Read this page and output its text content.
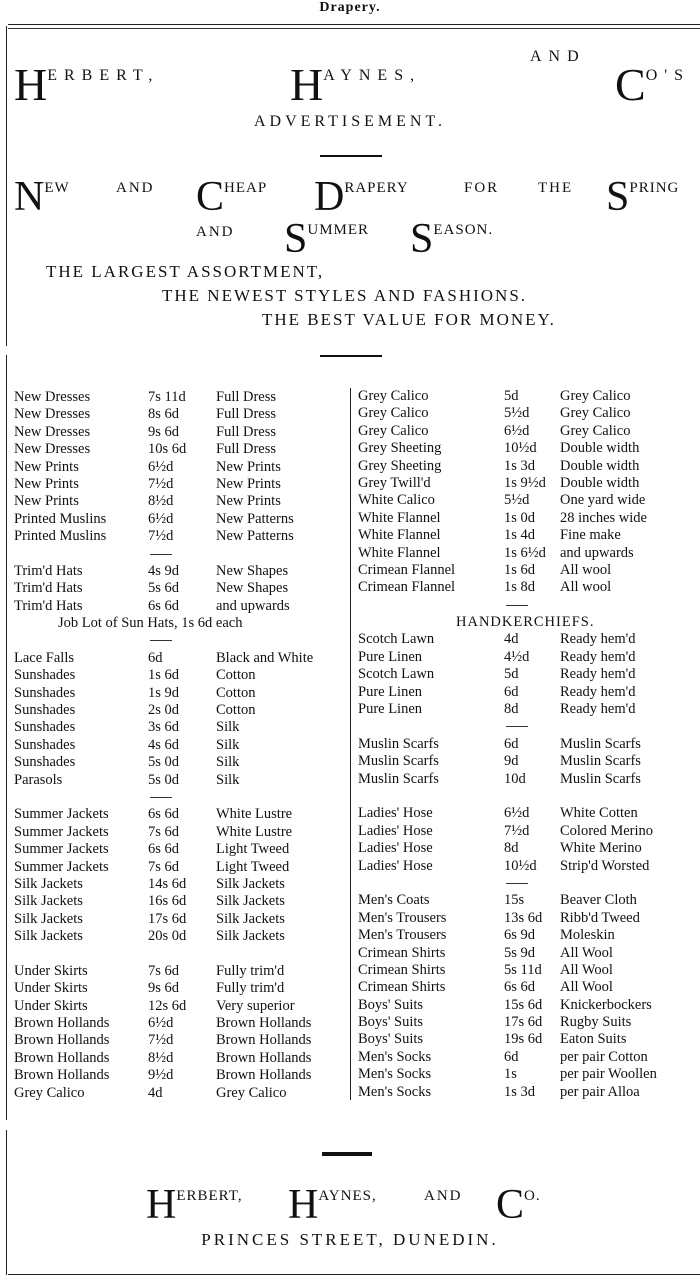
Drapery.
HERBERT,	HAYNES,
AND
CO'S
ADVERTISEMENT.
NEW	AND CHEAP DRAPERY	FOR	THE SPRING
AND SUMMER SEASON.
THE LARGEST ASSORTMENT,
THE NEWEST STYLES AND FASHIONS.
THE BEST VALUE FOR MONEY.
New Dresses	7s 11d Full Dress
New Dresses	8s 6d	Full Dress
New Dresses	9s 6d	Full Dress
New Dresses	10s 6d Full Dress
New Prints	6½d	New Prints
New Prints	7½d	New Prints
New Prints	8½d	New Prints
Printed Muslins	6½d	New Patterns
Printed Muslins	7½d	New Patterns
Trim'd Hats	4s 9d	New Shapes
Trim'd Hats	5s 6d	New Shapes
Trim'd Hats	6s 6d	and upwards
Job Lot of Sun Hats, 1s 6d each
Lace Falls	6d	Black and White
Sunshades	1s 6d	Cotton
Sunshades	1s 9d	Cotton
Sunshades	2s 0d	Cotton
Sunshades	3s 6d	Silk
Sunshades	4s 6d	Silk
Sunshades	5s 0d	Silk
Parasols	5s 0d	Silk
Summer Jackets	6s 6d	White Lustre
Summer Jackets	7s 6d	White Lustre
Summer Jackets	6s 6d	Light Tweed
Summer Jackets	7s 6d	Light Tweed
Silk Jackets	14s 6d Silk Jackets
Silk Jackets	16s 6d Silk Jackets
Silk Jackets	17s 6d Silk Jackets
Silk Jackets	20s 0d Silk Jackets
Under Skirts	7s 6d	Fully trim'd
Under Skirts	9s 6d	Fully trim'd
Under Skirts	12s 6d Very superior
Brown Hollands	6½d	Brown Hollands
Brown Hollands	7½d	Brown Hollands
Brown Hollands	8½d	Brown Hollands
Brown Hollands	9½d	Brown Hollands
Grey Calico	4d	Grey Calico
Grey Calico	5d	Grey Calico
Grey Calico	5½d Grey Calico
Grey Calico	6½d Grey Calico
Grey Sheeting	10½d Double width
Grey Sheeting	1s 3d Double width
Grey Twill'd	1s 9½d Double width
White Calico	5½d One yard wide
White Flannel	1s 0d 28 inches wide
White Flannel	1s 4d Fine make
White Flannel	1s 6½d and upwards
Crimean Flannel	1s 6d All wool
Crimean Flannel	1s 8d All wool
HANDKERCHIEFS.
Scotch Lawn	4d	Ready hem'd
Pure Linen	4½d Ready hem'd
Scotch Lawn	5d	Ready hem'd
Pure Linen	6d	Ready hem'd
Pure Linen	8d	Ready hem'd
Muslin Scarfs	6d	Muslin Scarfs
Muslin Scarfs	9d	Muslin Scarfs
Muslin Scarfs	10d Muslin Scarfs
Ladies' Hose	6½d White Cotten
Ladies' Hose	7½d Colored Merino
Ladies' Hose	8d	White Merino
Ladies' Hose	10½d Strip'd Worsted
Men's Coats	15s Beaver Cloth
Men's Trousers	13s 6d Ribb'd Tweed
Men's Trousers	6s 9d Moleskin
Crimean Shirts	5s 9d All Wool
Crimean Shirts	5s 11d All Wool
Crimean Shirts	6s 6d All Wool
Boys' Suits	15s 6d Knickerbockers
Boys' Suits	17s 6d Rugby Suits
Boys' Suits	19s 6d Eaton Suits
Men's Socks	6d	per pair Cotton
Men's Socks	1s	per pair Woollen
Men's Socks	1s 3d per pair Alloa
HERBERT, HAYNES,	AND CO.
PRINCES STREET, DUNEDIN.
